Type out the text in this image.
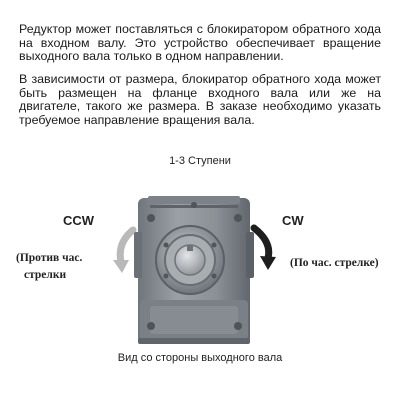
Редуктор может поставляться с блокиратором обратного хода на входном валу. Это устройство обеспечивает вращение выходного вала только в одном направлении.

В зависимости от размера, блокиратор обратного хода может быть размещен на фланце входного вала или же на двигателе, такого же размера. В заказе необходимо указать требуемое направление вращения вала.

1-3 Ступени
CCW	CW
(Против час.
стрелки
(По час. стрелке)
Вид со стороны выходного вала
